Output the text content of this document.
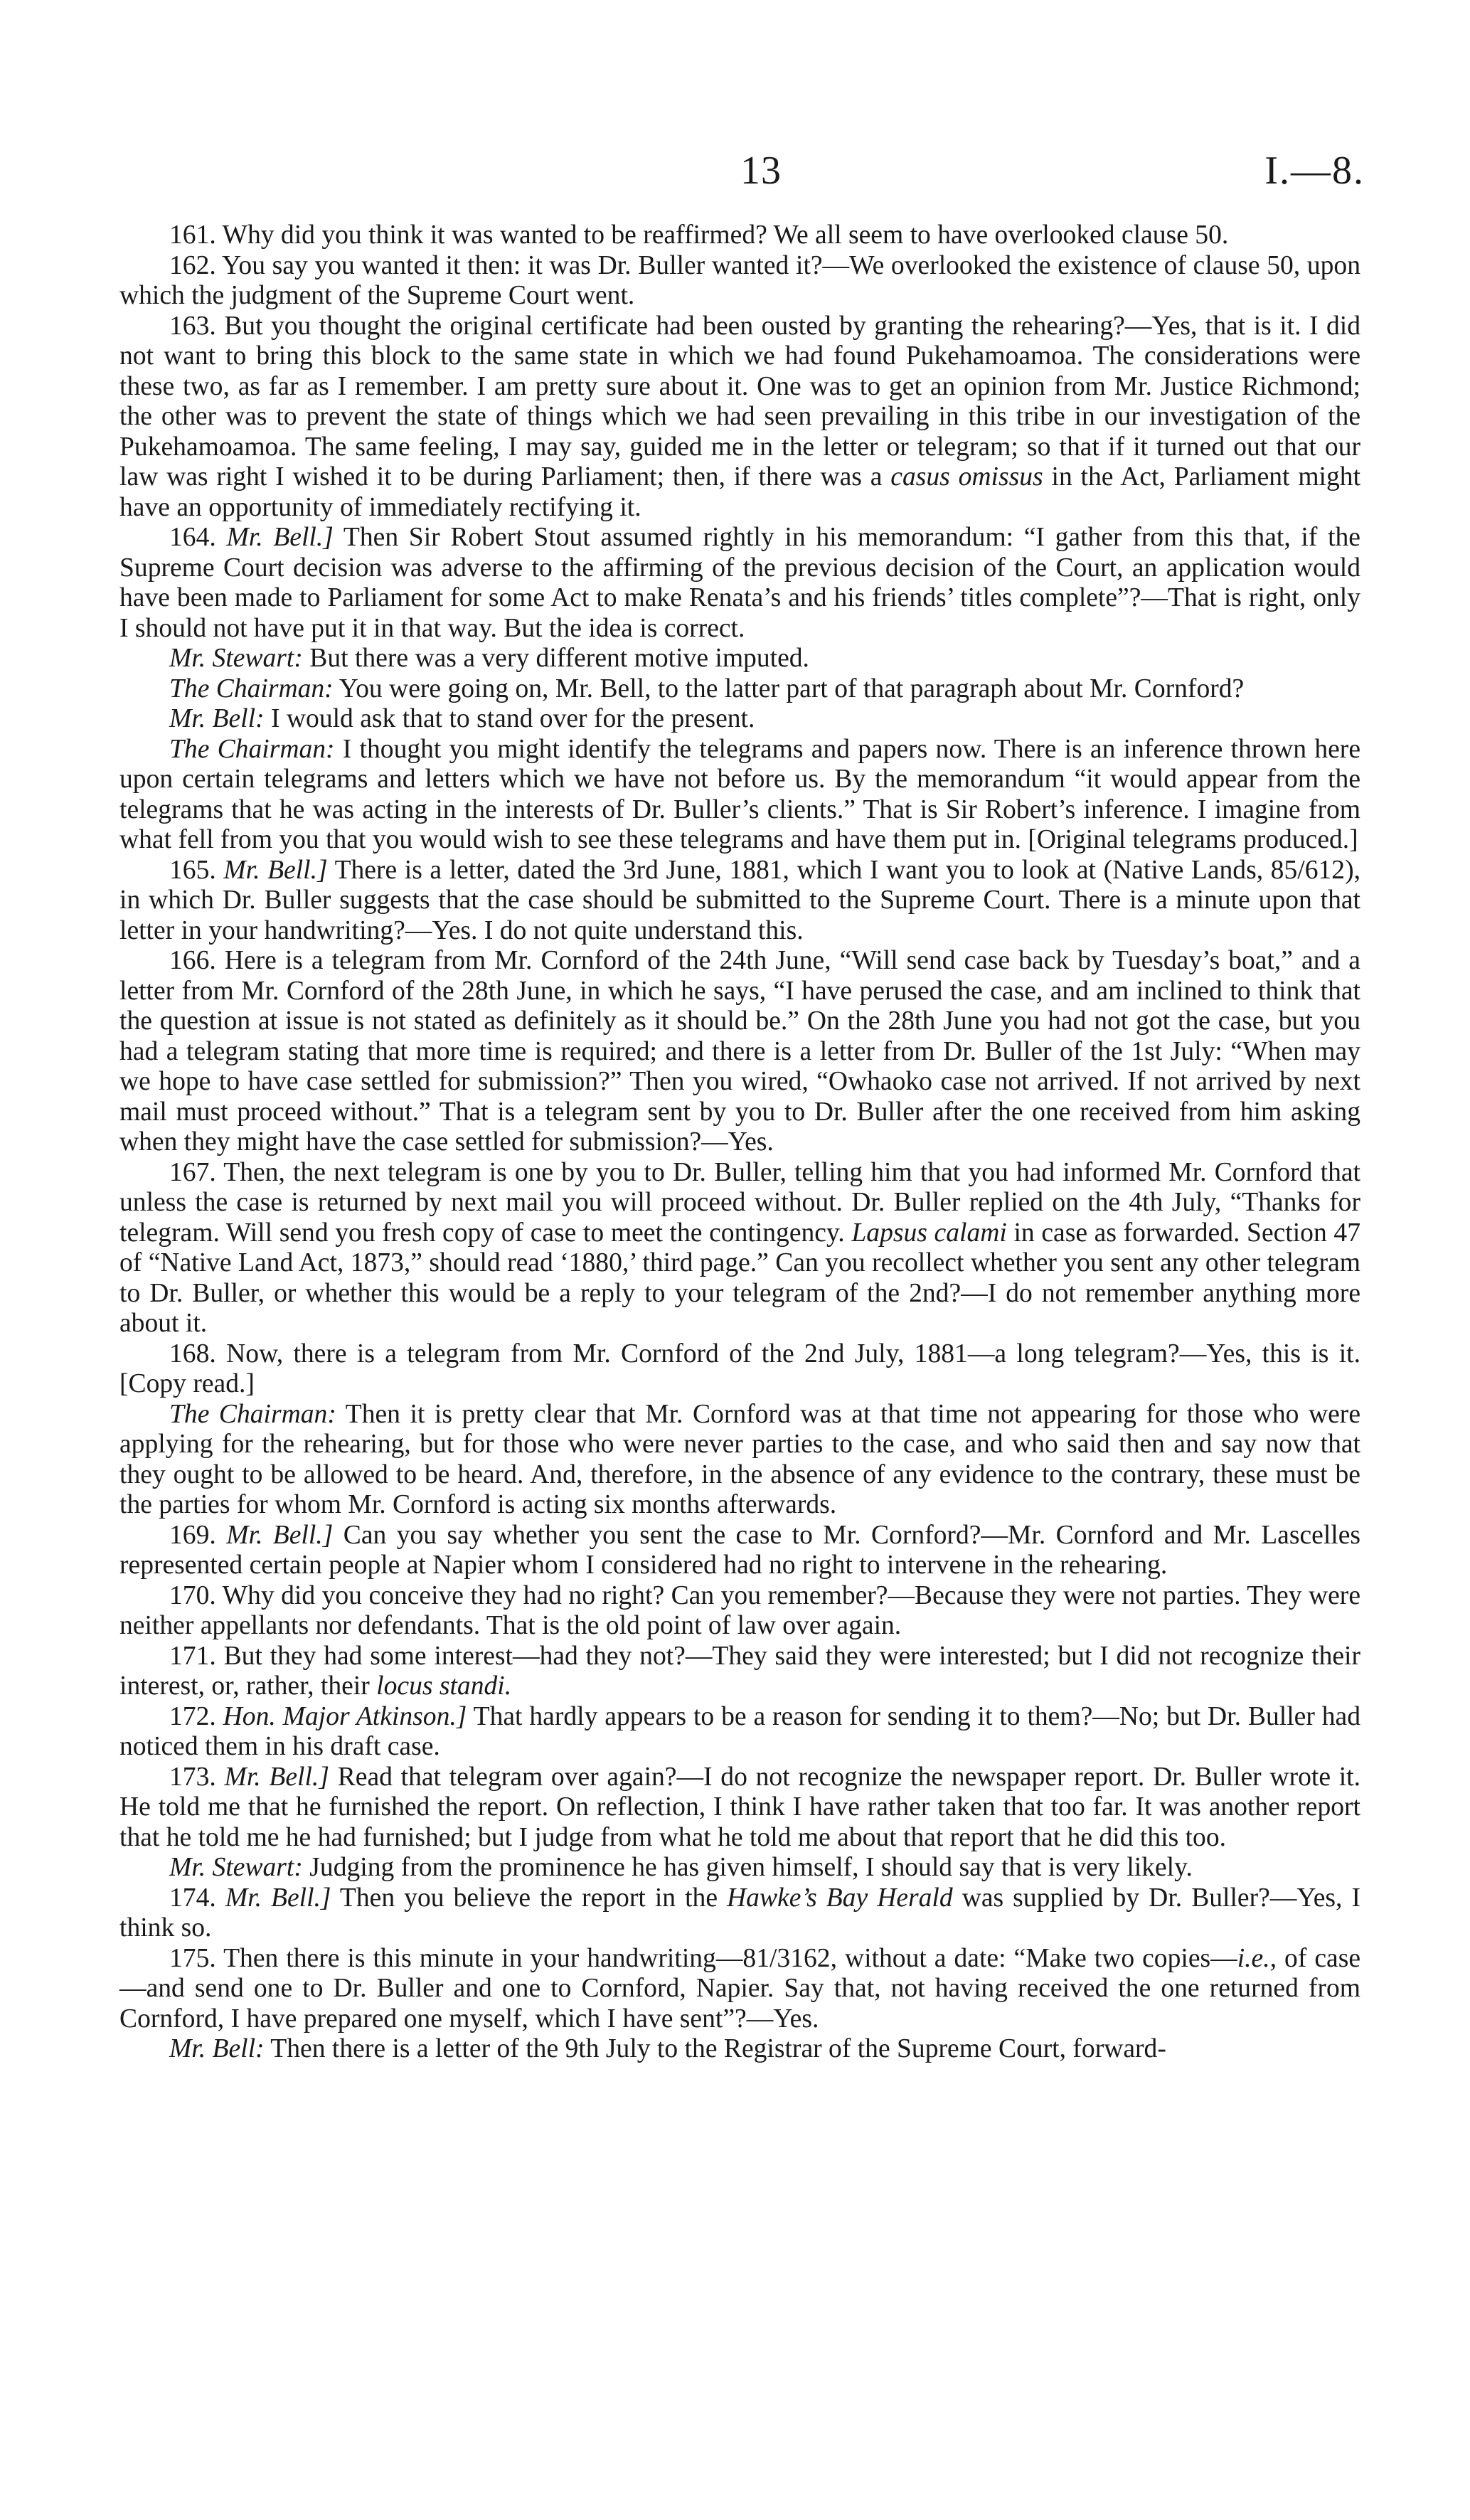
13	I.—8.

161. Why did you think it was wanted to be reaffirmed? We all seem to have overlooked clause 50.

162. You say you wanted it then: it was Dr. Buller wanted it?—We overlooked the existence of clause 50, upon which the judgment of the Supreme Court went.

163. But you thought the original certificate had been ousted by granting the rehearing?—Yes, that is it. I did not want to bring this block to the same state in which we had found Pukehamoamoa. The considerations were these two, as far as I remember. I am pretty sure about it. One was to get an opinion from Mr. Justice Richmond; the other was to prevent the state of things which we had seen prevailing in this tribe in our investigation of the Pukehamoamoa. The same feeling, I may say, guided me in the letter or telegram; so that if it turned out that our law was right I wished it to be during Parliament; then, if there was a casus omissus in the Act, Parliament might have an opportunity of immediately rectifying it.

164. Mr. Bell.] Then Sir Robert Stout assumed rightly in his memorandum: “I gather from this that, if the Supreme Court decision was adverse to the affirming of the previous decision of the Court, an application would have been made to Parliament for some Act to make Renata’s and his friends’ titles complete”?—That is right, only I should not have put it in that way. But the idea is correct.

Mr. Stewart: But there was a very different motive imputed.

The Chairman: You were going on, Mr. Bell, to the latter part of that paragraph about Mr. Cornford?

Mr. Bell: I would ask that to stand over for the present.

The Chairman: I thought you might identify the telegrams and papers now. There is an inference thrown here upon certain telegrams and letters which we have not before us. By the memorandum “it would appear from the telegrams that he was acting in the interests of Dr. Buller’s clients.” That is Sir Robert’s inference. I imagine from what fell from you that you would wish to see these telegrams and have them put in. [Original telegrams produced.]

165. Mr. Bell.] There is a letter, dated the 3rd June, 1881, which I want you to look at (Native Lands, 85/612), in which Dr. Buller suggests that the case should be submitted to the Supreme Court. There is a minute upon that letter in your handwriting?—Yes. I do not quite understand this.

166. Here is a telegram from Mr. Cornford of the 24th June, “Will send case back by Tuesday’s boat,” and a letter from Mr. Cornford of the 28th June, in which he says, “I have perused the case, and am inclined to think that the question at issue is not stated as definitely as it should be.” On the 28th June you had not got the case, but you had a telegram stating that more time is required; and there is a letter from Dr. Buller of the 1st July: “When may we hope to have case settled for submission?” Then you wired, “Owhaoko case not arrived. If not arrived by next mail must proceed without.” That is a telegram sent by you to Dr. Buller after the one received from him asking when they might have the case settled for submission?—Yes.

167. Then, the next telegram is one by you to Dr. Buller, telling him that you had informed Mr. Cornford that unless the case is returned by next mail you will proceed without. Dr. Buller replied on the 4th July, “Thanks for telegram. Will send you fresh copy of case to meet the contingency. Lapsus calami in case as forwarded. Section 47 of “Native Land Act, 1873,” should read ‘1880,’ third page.” Can you recollect whether you sent any other telegram to Dr. Buller, or whether this would be a reply to your telegram of the 2nd?—I do not remember anything more about it.

168. Now, there is a telegram from Mr. Cornford of the 2nd July, 1881—a long telegram?—Yes, this is it. [Copy read.]

The Chairman: Then it is pretty clear that Mr. Cornford was at that time not appearing for those who were applying for the rehearing, but for those who were never parties to the case, and who said then and say now that they ought to be allowed to be heard. And, therefore, in the absence of any evidence to the contrary, these must be the parties for whom Mr. Cornford is acting six months afterwards.

169. Mr. Bell.] Can you say whether you sent the case to Mr. Cornford?—Mr. Cornford and Mr. Lascelles represented certain people at Napier whom I considered had no right to intervene in the rehearing.

170. Why did you conceive they had no right? Can you remember?—Because they were not parties. They were neither appellants nor defendants. That is the old point of law over again.

171. But they had some interest—had they not?—They said they were interested; but I did not recognize their interest, or, rather, their locus standi.

172. Hon. Major Atkinson.] That hardly appears to be a reason for sending it to them?—No; but Dr. Buller had noticed them in his draft case.

173. Mr. Bell.] Read that telegram over again?—I do not recognize the newspaper report. Dr. Buller wrote it. He told me that he furnished the report. On reflection, I think I have rather taken that too far. It was another report that he told me he had furnished; but I judge from what he told me about that report that he did this too.

Mr. Stewart: Judging from the prominence he has given himself, I should say that is very likely.

174. Mr. Bell.] Then you believe the report in the Hawke’s Bay Herald was supplied by Dr. Buller?—Yes, I think so.

175. Then there is this minute in your handwriting—81/3162, without a date: “Make two copies—i.e., of case—and send one to Dr. Buller and one to Cornford, Napier. Say that, not having received the one returned from Cornford, I have prepared one myself, which I have sent”?—Yes.

Mr. Bell: Then there is a letter of the 9th July to the Registrar of the Supreme Court, forward-
